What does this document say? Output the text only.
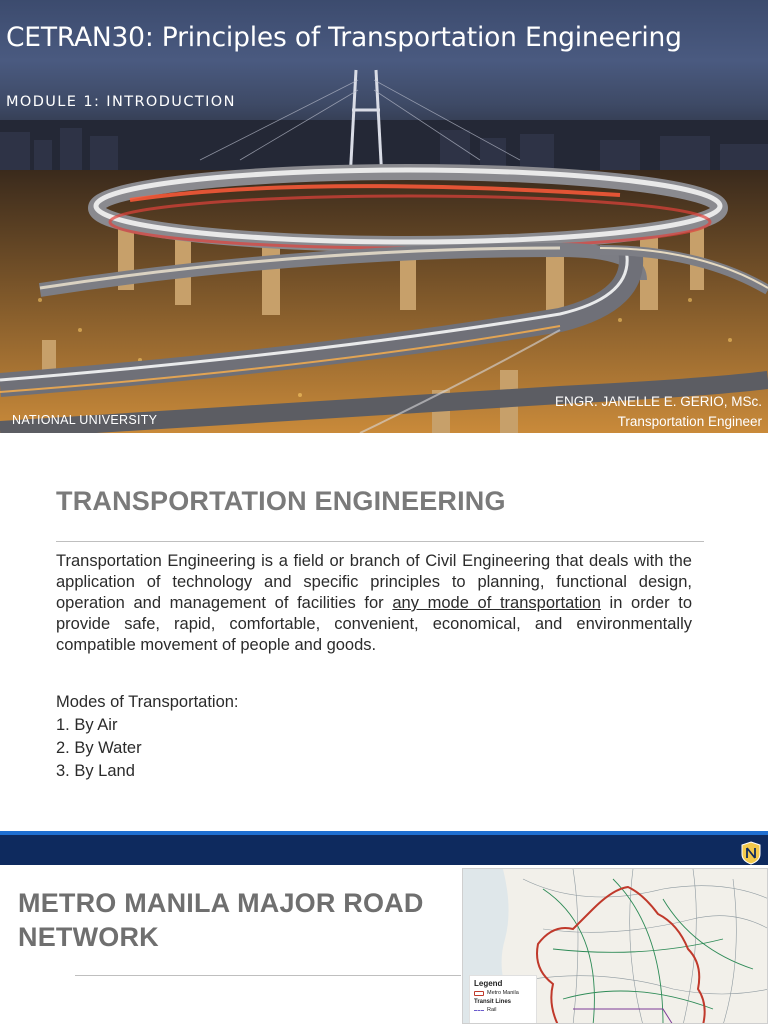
CETRAN30: Principles of Transportation Engineering
MODULE 1: INTRODUCTION
NATIONAL UNIVERSITY
ENGR. JANELLE E. GERIO, MSc.
Transportation Engineer
TRANSPORTATION ENGINEERING

Transportation Engineering is a field or branch of Civil Engineering that deals with the application of technology and specific principles to planning, functional design, operation and management of facilities for any mode of transportation in order to provide safe, rapid, comfortable, convenient, economical, and environmentally compatible movement of people and goods.

Modes of Transportation:
1. By Air
2. By Water
3. By Land
METRO MANILA MAJOR ROAD NETWORK
Legend
Metro Manila
Transit Lines
Rail
